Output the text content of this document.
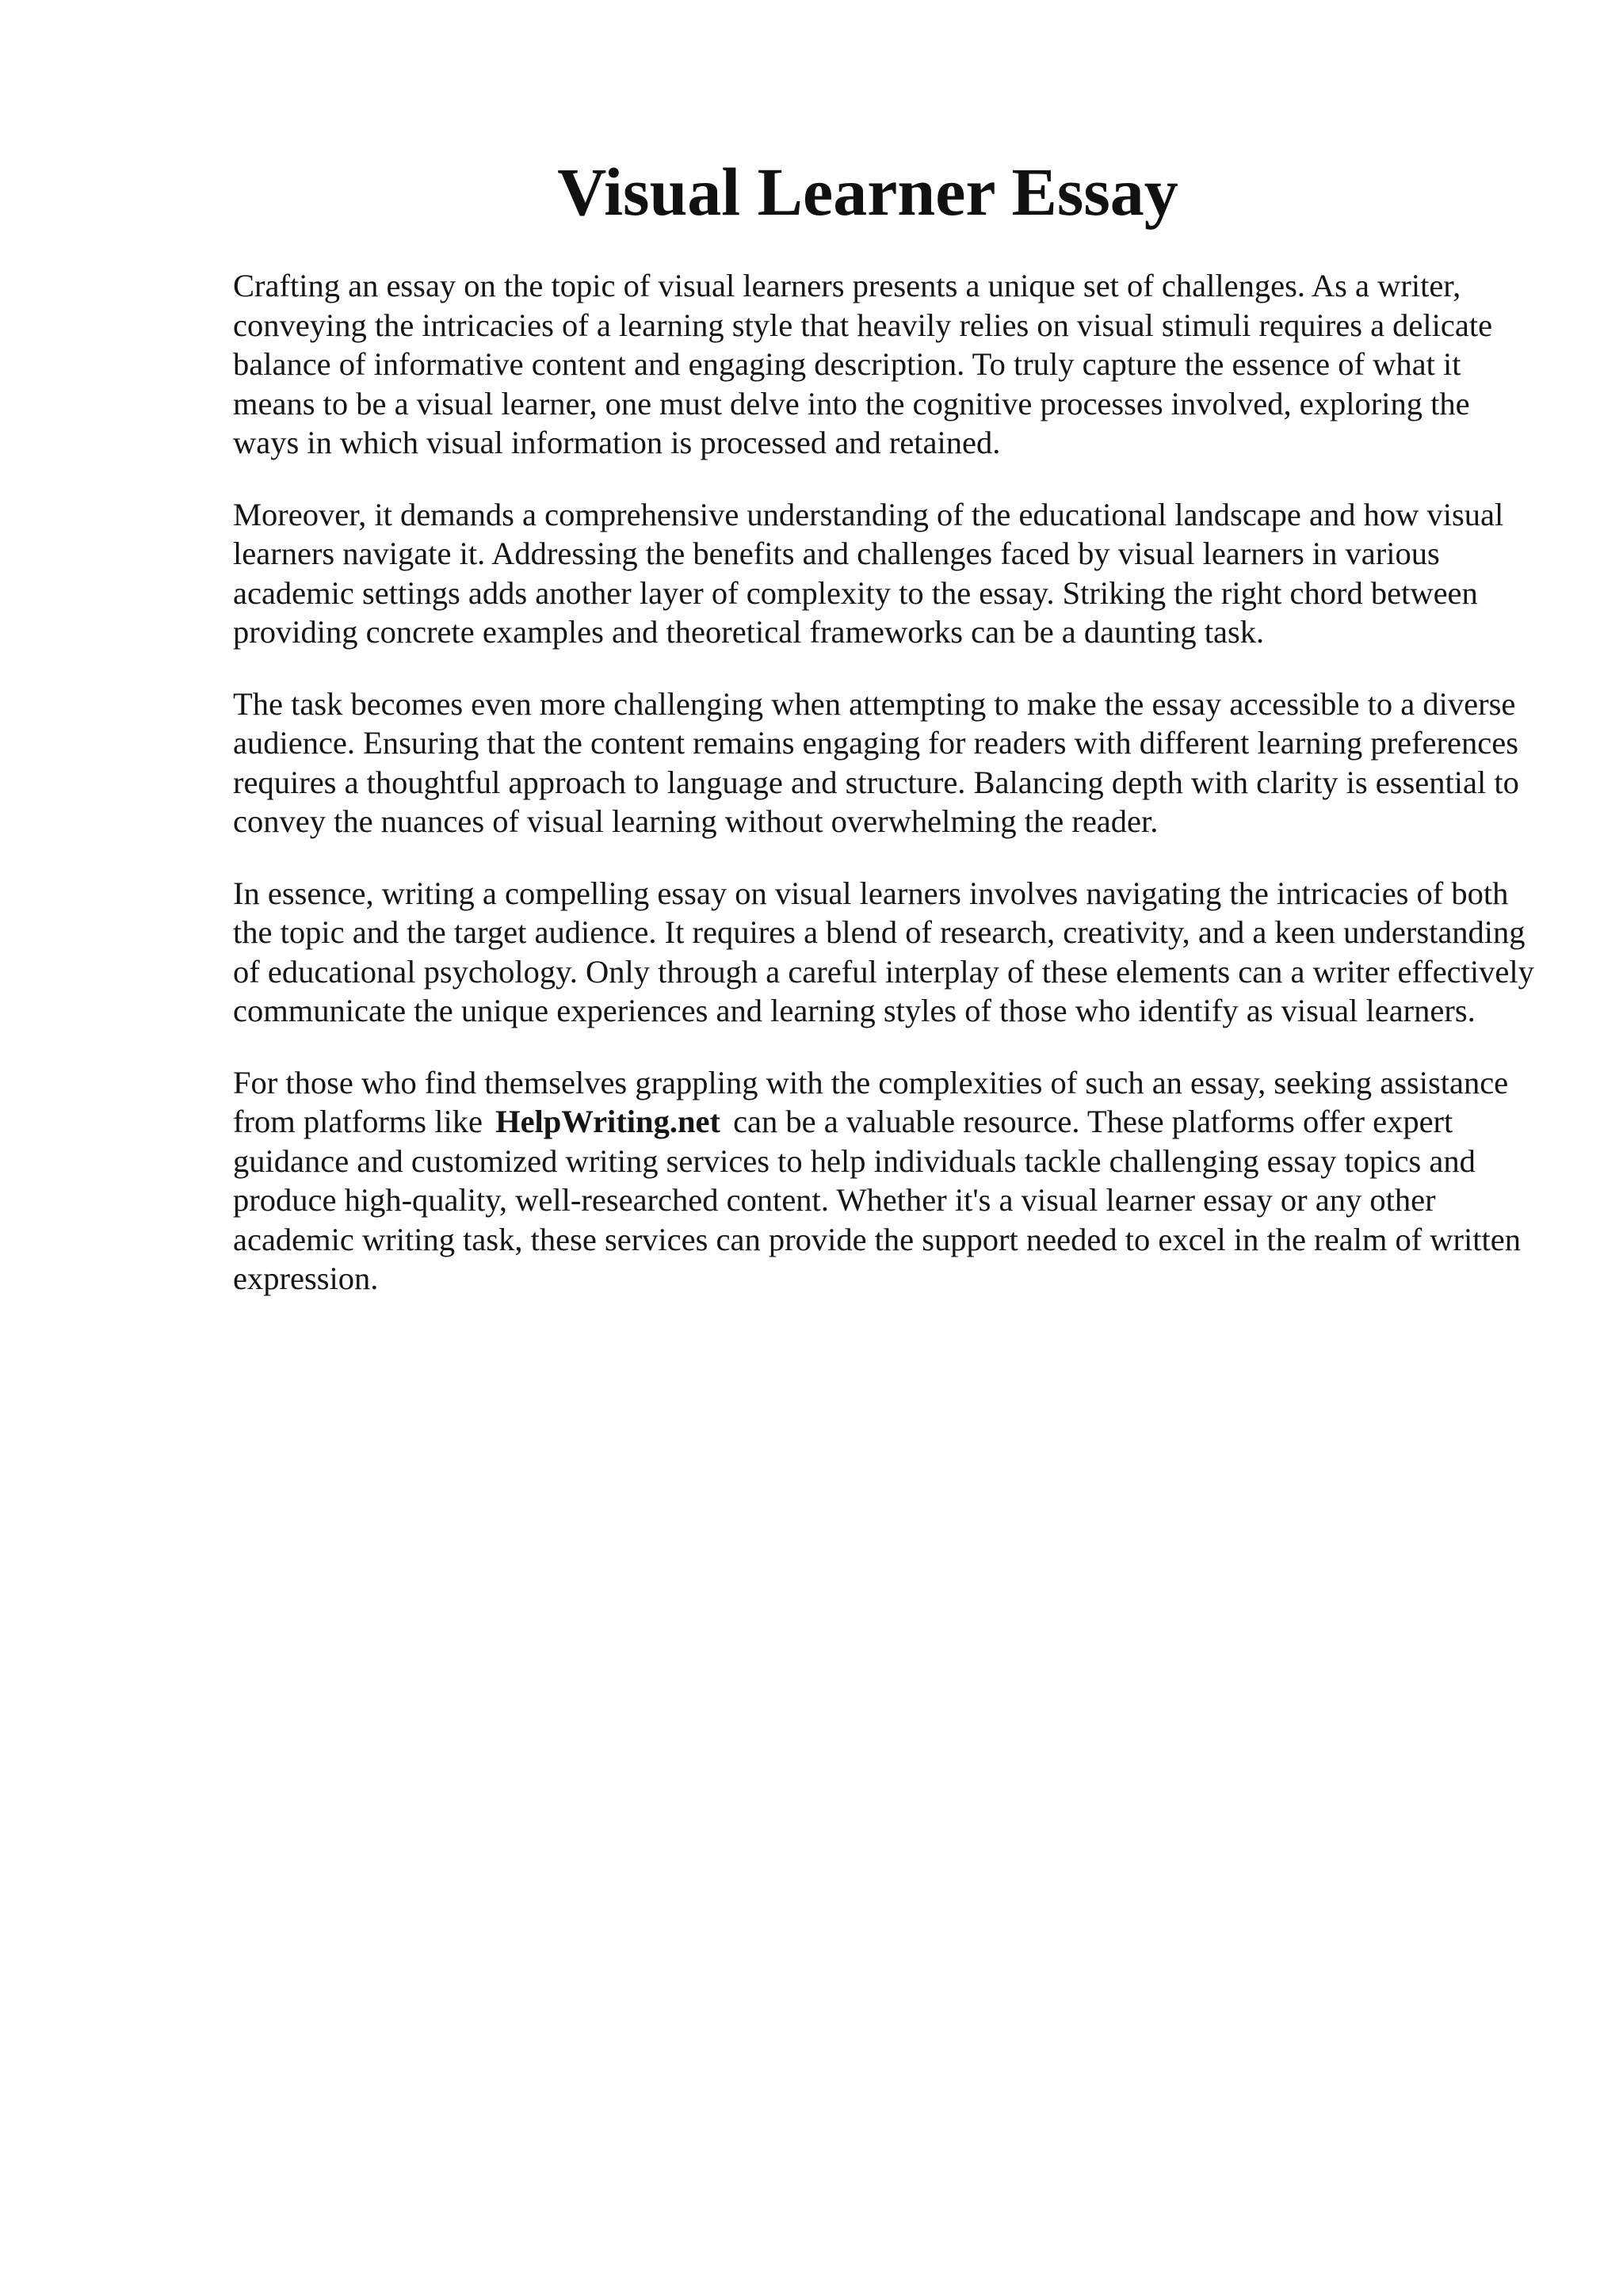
Visual Learner Essay

Crafting an essay on the topic of visual learners presents a unique set of challenges. As a writer, conveying the intricacies of a learning style that heavily relies on visual stimuli requires a delicate balance of informative content and engaging description. To truly capture the essence of what it means to be a visual learner, one must delve into the cognitive processes involved, exploring the ways in which visual information is processed and retained.

Moreover, it demands a comprehensive understanding of the educational landscape and how visual learners navigate it. Addressing the benefits and challenges faced by visual learners in various academic settings adds another layer of complexity to the essay. Striking the right chord between providing concrete examples and theoretical frameworks can be a daunting task.

The task becomes even more challenging when attempting to make the essay accessible to a diverse audience. Ensuring that the content remains engaging for readers with different learning preferences requires a thoughtful approach to language and structure. Balancing depth with clarity is essential to convey the nuances of visual learning without overwhelming the reader.

In essence, writing a compelling essay on visual learners involves navigating the intricacies of both the topic and the target audience. It requires a blend of research, creativity, and a keen understanding of educational psychology. Only through a careful interplay of these elements can a writer effectively communicate the unique experiences and learning styles of those who identify as visual learners.

For those who find themselves grappling with the complexities of such an essay, seeking assistance from platforms like HelpWriting.net can be a valuable resource. These platforms offer expert guidance and customized writing services to help individuals tackle challenging essay topics and produce high-quality, well-researched content. Whether it's a visual learner essay or any other academic writing task, these services can provide the support needed to excel in the realm of written expression.
